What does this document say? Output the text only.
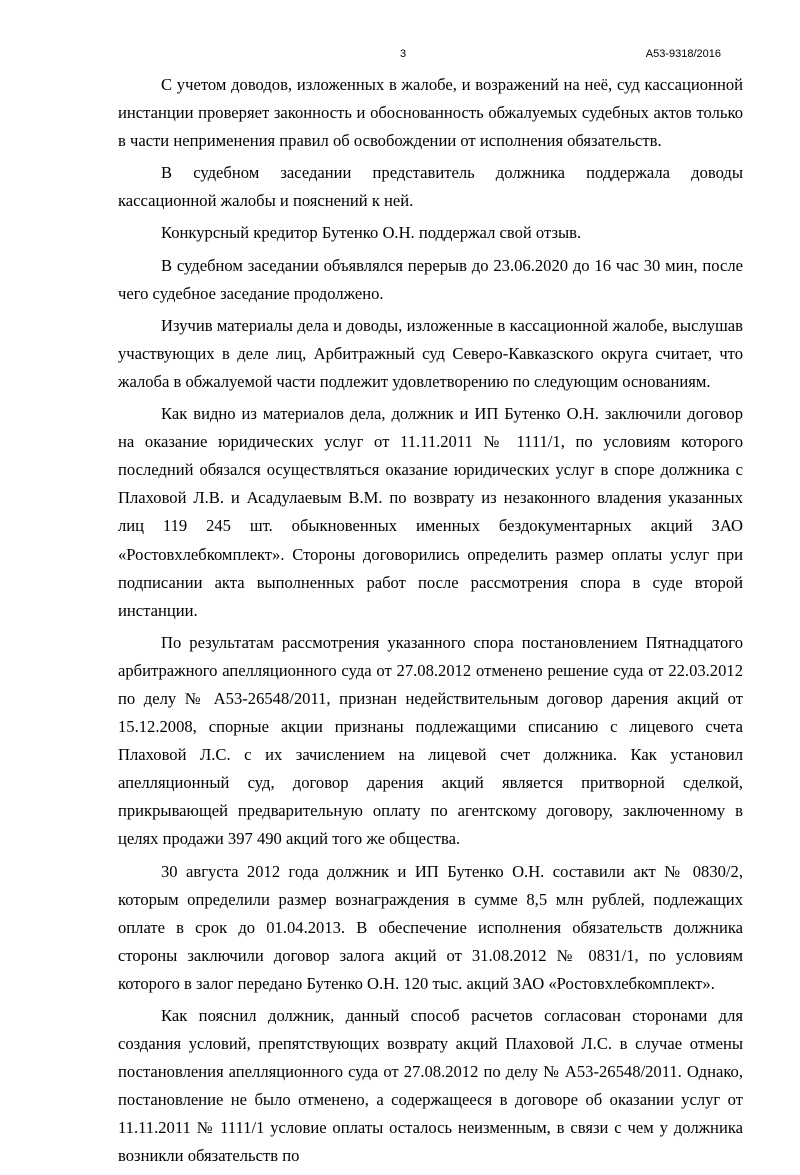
3	А53-9318/2016

С учетом доводов, изложенных в жалобе, и возражений на неё, суд кассационной инстанции проверяет законность и обоснованность обжалуемых судебных актов только в части неприменения правил об освобождении от исполнения обязательств.

В судебном заседании представитель должника поддержала доводы кассационной жалобы и пояснений к ней.

Конкурсный кредитор Бутенко О.Н. поддержал свой отзыв.

В судебном заседании объявлялся перерыв до 23.06.2020 до 16 час 30 мин, после чего судебное заседание продолжено.

Изучив материалы дела и доводы, изложенные в кассационной жалобе, выслушав участвующих в деле лиц, Арбитражный суд Северо-Кавказского округа считает, что жалоба в обжалуемой части подлежит удовлетворению по следующим основаниям.

Как видно из материалов дела, должник и ИП Бутенко О.Н. заключили договор на оказание юридических услуг от 11.11.2011 № 1111/1, по условиям которого последний обязался осуществляться оказание юридических услуг в споре должника с Плаховой Л.В. и Асадулаевым В.М. по возврату из незаконного владения указанных лиц 119 245 шт. обыкновенных именных бездокументарных акций ЗАО «Ростовхлебкомплект». Стороны договорились определить размер оплаты услуг при подписании акта выполненных работ после рассмотрения спора в суде второй инстанции.

По результатам рассмотрения указанного спора постановлением Пятнадцатого арбитражного апелляционного суда от 27.08.2012 отменено решение суда от 22.03.2012 по делу № А53-26548/2011, признан недействительным договор дарения акций от 15.12.2008, спорные акции признаны подлежащими списанию с лицевого счета Плаховой Л.С. с их зачислением на лицевой счет должника. Как установил апелляционный суд, договор дарения акций является притворной сделкой, прикрывающей предварительную оплату по агентскому договору, заключенному в целях продажи 397 490 акций того же общества.

30 августа 2012 года должник и ИП Бутенко О.Н. составили акт № 0830/2, которым определили размер вознаграждения в сумме 8,5 млн рублей, подлежащих оплате в срок до 01.04.2013. В обеспечение исполнения обязательств должника стороны заключили договор залога акций от 31.08.2012 № 0831/1, по условиям которого в залог передано Бутенко О.Н. 120 тыс. акций ЗАО «Ростовхлебкомплект».

Как пояснил должник, данный способ расчетов согласован сторонами для создания условий, препятствующих возврату акций Плаховой Л.С. в случае отмены постановления апелляционного суда от 27.08.2012 по делу № А53-26548/2011. Однако, постановление не было отменено, а содержащееся в договоре об оказании услуг от 11.11.2011 № 1111/1 условие оплаты осталось неизменным, в связи с чем у должника возникли обязательств по
